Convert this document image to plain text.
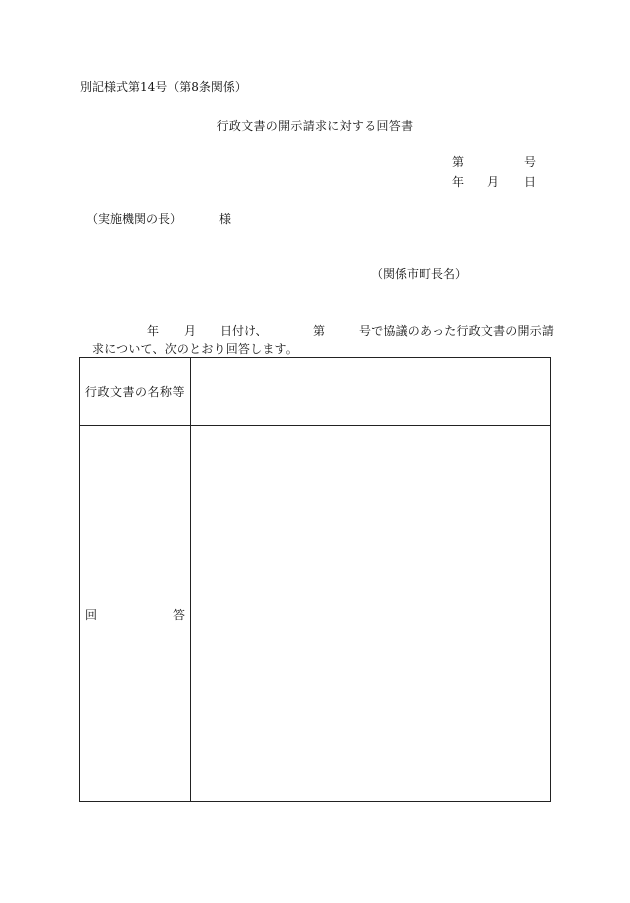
別記様式第14号（第8条関係）
行政文書の開示請求に対する回答書
第	号
年 月 日
（実施機関の長）	様
（関係市町長名）
年 月 日付け、	第	号で協議のあった行政文書の開示請
求について、次のとおり回答します。
行政文書の名称等
回	答
